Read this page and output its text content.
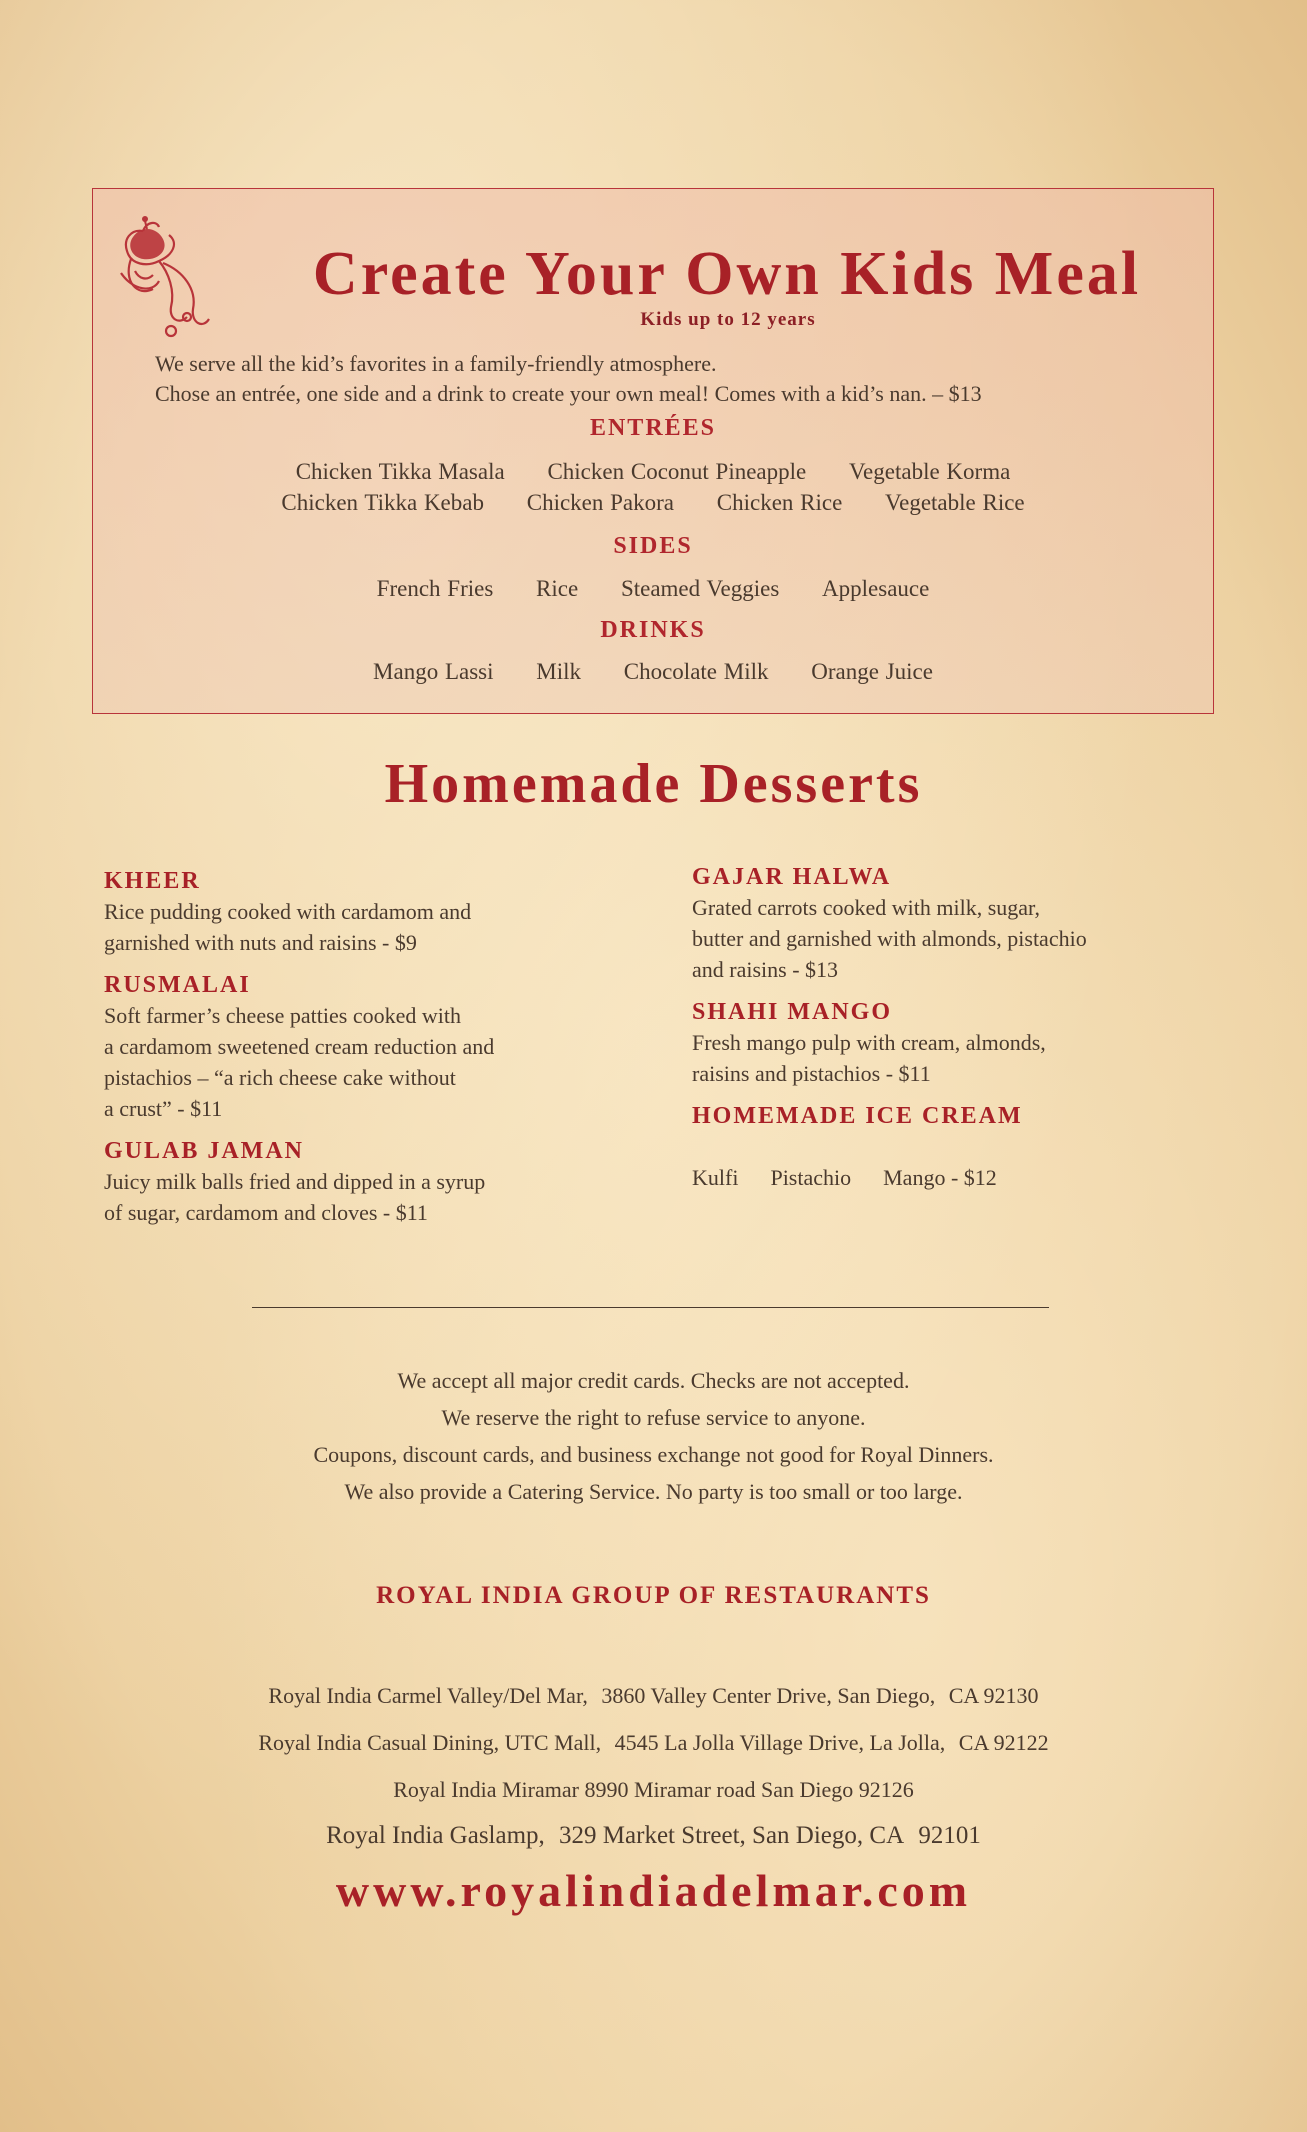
Create Your Own Kids Meal
Kids up to 12 years
We serve all the kid’s favorites in a family-friendly atmosphere.
Chose an entrée, one side and a drink to create your own meal! Comes with a kid’s nan. – $13
ENTRÉES
Chicken Tikka Masala Chicken Coconut Pineapple Vegetable Korma
Chicken Tikka Kebab Chicken Pakora Chicken Rice Vegetable Rice
SIDES
French Fries Rice Steamed Veggies Applesauce
DRINKS
Mango Lassi Milk Chocolate Milk Orange Juice
Homemade Desserts
KHEER
Rice pudding cooked with cardamom and
garnished with nuts and raisins - $9
RUSMALAI
Soft farmer’s cheese patties cooked with
a cardamom sweetened cream reduction and
pistachios – “a rich cheese cake without
a crust” - $11
GULAB JAMAN
Juicy milk balls fried and dipped in a syrup
of sugar, cardamom and cloves - $11
GAJAR HALWA
Grated carrots cooked with milk, sugar,
butter and garnished with almonds, pistachio
and raisins - $13
SHAHI MANGO
Fresh mango pulp with cream, almonds,
raisins and pistachios - $11
HOMEMADE ICE CREAM

Kulfi Pistachio Mango - $12

We accept all major credit cards. Checks are not accepted.
We reserve the right to refuse service to anyone.
Coupons, discount cards, and business exchange not good for Royal Dinners.
We also provide a Catering Service. No party is too small or too large.
ROYAL INDIA GROUP OF RESTAURANTS
Royal India Carmel Valley/Del Mar, 3860 Valley Center Drive, San Diego, CA 92130
Royal India Casual Dining, UTC Mall, 4545 La Jolla Village Drive, La Jolla, CA 92122
Royal India Miramar 8990 Miramar road San Diego 92126
Royal India Gaslamp, 329 Market Street, San Diego, CA 92101
www.royalindiadelmar.com
